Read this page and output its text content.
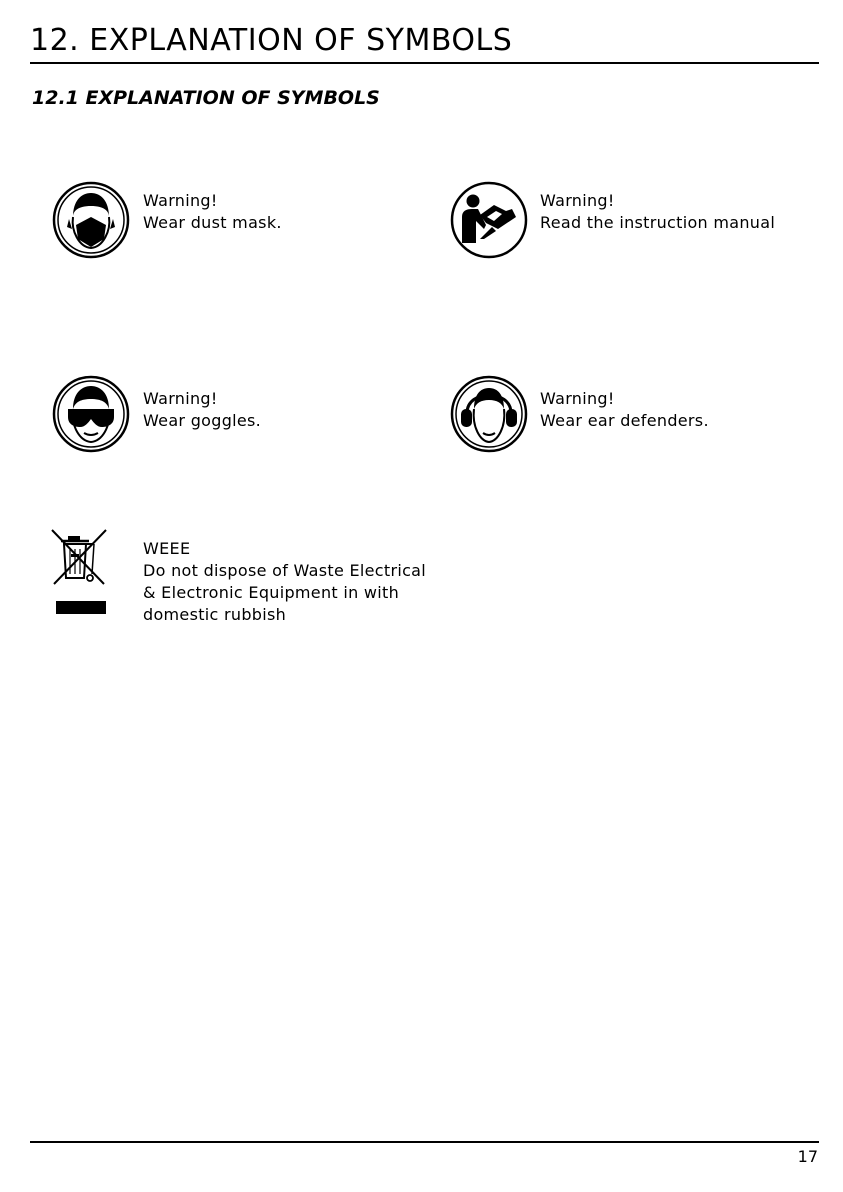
12. EXPLANATION OF SYMBOLS
12.1 EXPLANATION OF SYMBOLS
Warning!
Wear dust mask.
Warning!
Read the instruction manual
Warning!
Wear goggles.
Warning!
Wear ear defenders.
WEEE
Do not dispose of Waste Electrical
& Electronic Equipment in with
domestic rubbish
17
